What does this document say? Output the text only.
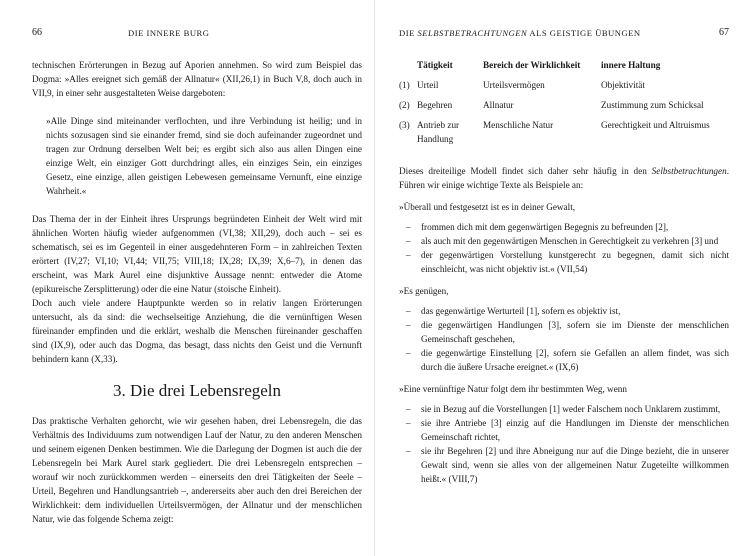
66	DIE INNERE BURG

technischen Erörterungen in Bezug auf Aporien annehmen. So wird zum Beispiel das Dogma: »Alles ereignet sich gemäß der Allnatur« (XII,26,1) in Buch V,8, doch auch in VII,9, in einer sehr ausgestalteten Weise dargeboten:

»Alle Dinge sind miteinander verflochten, und ihre Verbindung ist heilig; und in nichts sozusagen sind sie einander fremd, sind sie doch aufeinander zugeordnet und tragen zur Ordnung derselben Welt bei; es ergibt sich also aus allen Dingen eine einzige Welt, ein einziger Gott durchdringt alles, ein einziges Sein, ein einziges Gesetz, eine einzige, allen geistigen Lebewesen gemeinsame Vernunft, eine einzige Wahrheit.«

Das Thema der in der Einheit ihres Ursprungs begründeten Einheit der Welt wird mit ähnlichen Worten häufig wieder aufgenommen (VI,38; XII,29), doch auch – sei es schematisch, sei es im Gegenteil in einer ausgedehnteren Form – in zahlreichen Texten erörtert (IV,27; VI,10; VI,44; VII,75; VIII,18; IX,28; IX,39; X,6–7), in denen das erscheint, was Mark Aurel eine disjunktive Aussage nennt: entweder die Atome (epikureische Zersplitterung) oder die eine Natur (stoische Einheit).

Doch auch viele andere Hauptpunkte werden so in relativ langen Erörterungen untersucht, als da sind: die wechselseitige Anziehung, die die vernünftigen Wesen füreinander empfinden und die erklärt, weshalb die Menschen füreinander geschaffen sind (IX,9), oder auch das Dogma, das besagt, dass nichts den Geist und die Vernunft behindern kann (X,33).

3. Die drei Lebensregeln

Das praktische Verhalten gehorcht, wie wir gesehen haben, drei Lebensregeln, die das Verhältnis des Individuums zum notwendigen Lauf der Natur, zu den anderen Menschen und seinem eigenen Denken bestimmen. Wie die Darlegung der Dogmen ist auch die der Lebensregeln bei Mark Aurel stark gegliedert. Die drei Lebensregeln entsprechen – worauf wir noch zurückkommen werden – einerseits den drei Tätigkeiten der Seele – Urteil, Begehren und Handlungsantrieb –, andererseits aber auch den drei Bereichen der Wirklichkeit: dem individuellen Urteilsvermögen, der Allnatur und der menschlichen Natur, wie das folgende Schema zeigt:

DIE SELBSTBETRACHTUNGEN ALS GEISTIGE ÜBUNGEN	67
	Tätigkeit	Bereich der Wirklichkeit	innere Haltung
(1)	Urteil	Urteilsvermögen	Objektivität
(2)	Begehren	Allnatur	Zustimmung zum Schicksal
(3)	Antrieb zur Handlung	Menschliche Natur	Gerechtigkeit und Altruismus

Dieses dreiteilige Modell findet sich daher sehr häufig in den Selbstbetrachtungen. Führen wir einige wichtige Texte als Beispiele an:

»Überall und festgesetzt ist es in deiner Gewalt,

– frommen dich mit dem gegenwärtigen Begegnis zu befreunden [2],
– als auch mit den gegenwärtigen Menschen in Gerechtigkeit zu verkehren [3] und
– der gegenwärtigen Vorstellung kunstgerecht zu begegnen, damit sich nicht einschleicht, was nicht objektiv ist.« (VII,54)

»Es genügen,

– das gegenwärtige Werturteil [1], sofern es objektiv ist,
– die gegenwärtigen Handlungen [3], sofern sie im Dienste der menschlichen Gemeinschaft geschehen,
– die gegenwärtige Einstellung [2], sofern sie Gefallen an allem findet, was sich durch die äußere Ursache ereignet.« (IX,6)

»Eine vernünftige Natur folgt dem ihr bestimmten Weg, wenn

– sie in Bezug auf die Vorstellungen [1] weder Falschem noch Unklarem zustimmt,
– sie ihre Antriebe [3] einzig auf die Handlungen im Dienste der menschlichen Gemeinschaft richtet,
– sie ihr Begehren [2] und ihre Abneigung nur auf die Dinge bezieht, die in unserer Gewalt sind, wenn sie alles von der allgemeinen Natur Zugeteilte willkommen heißt.« (VIII,7)
